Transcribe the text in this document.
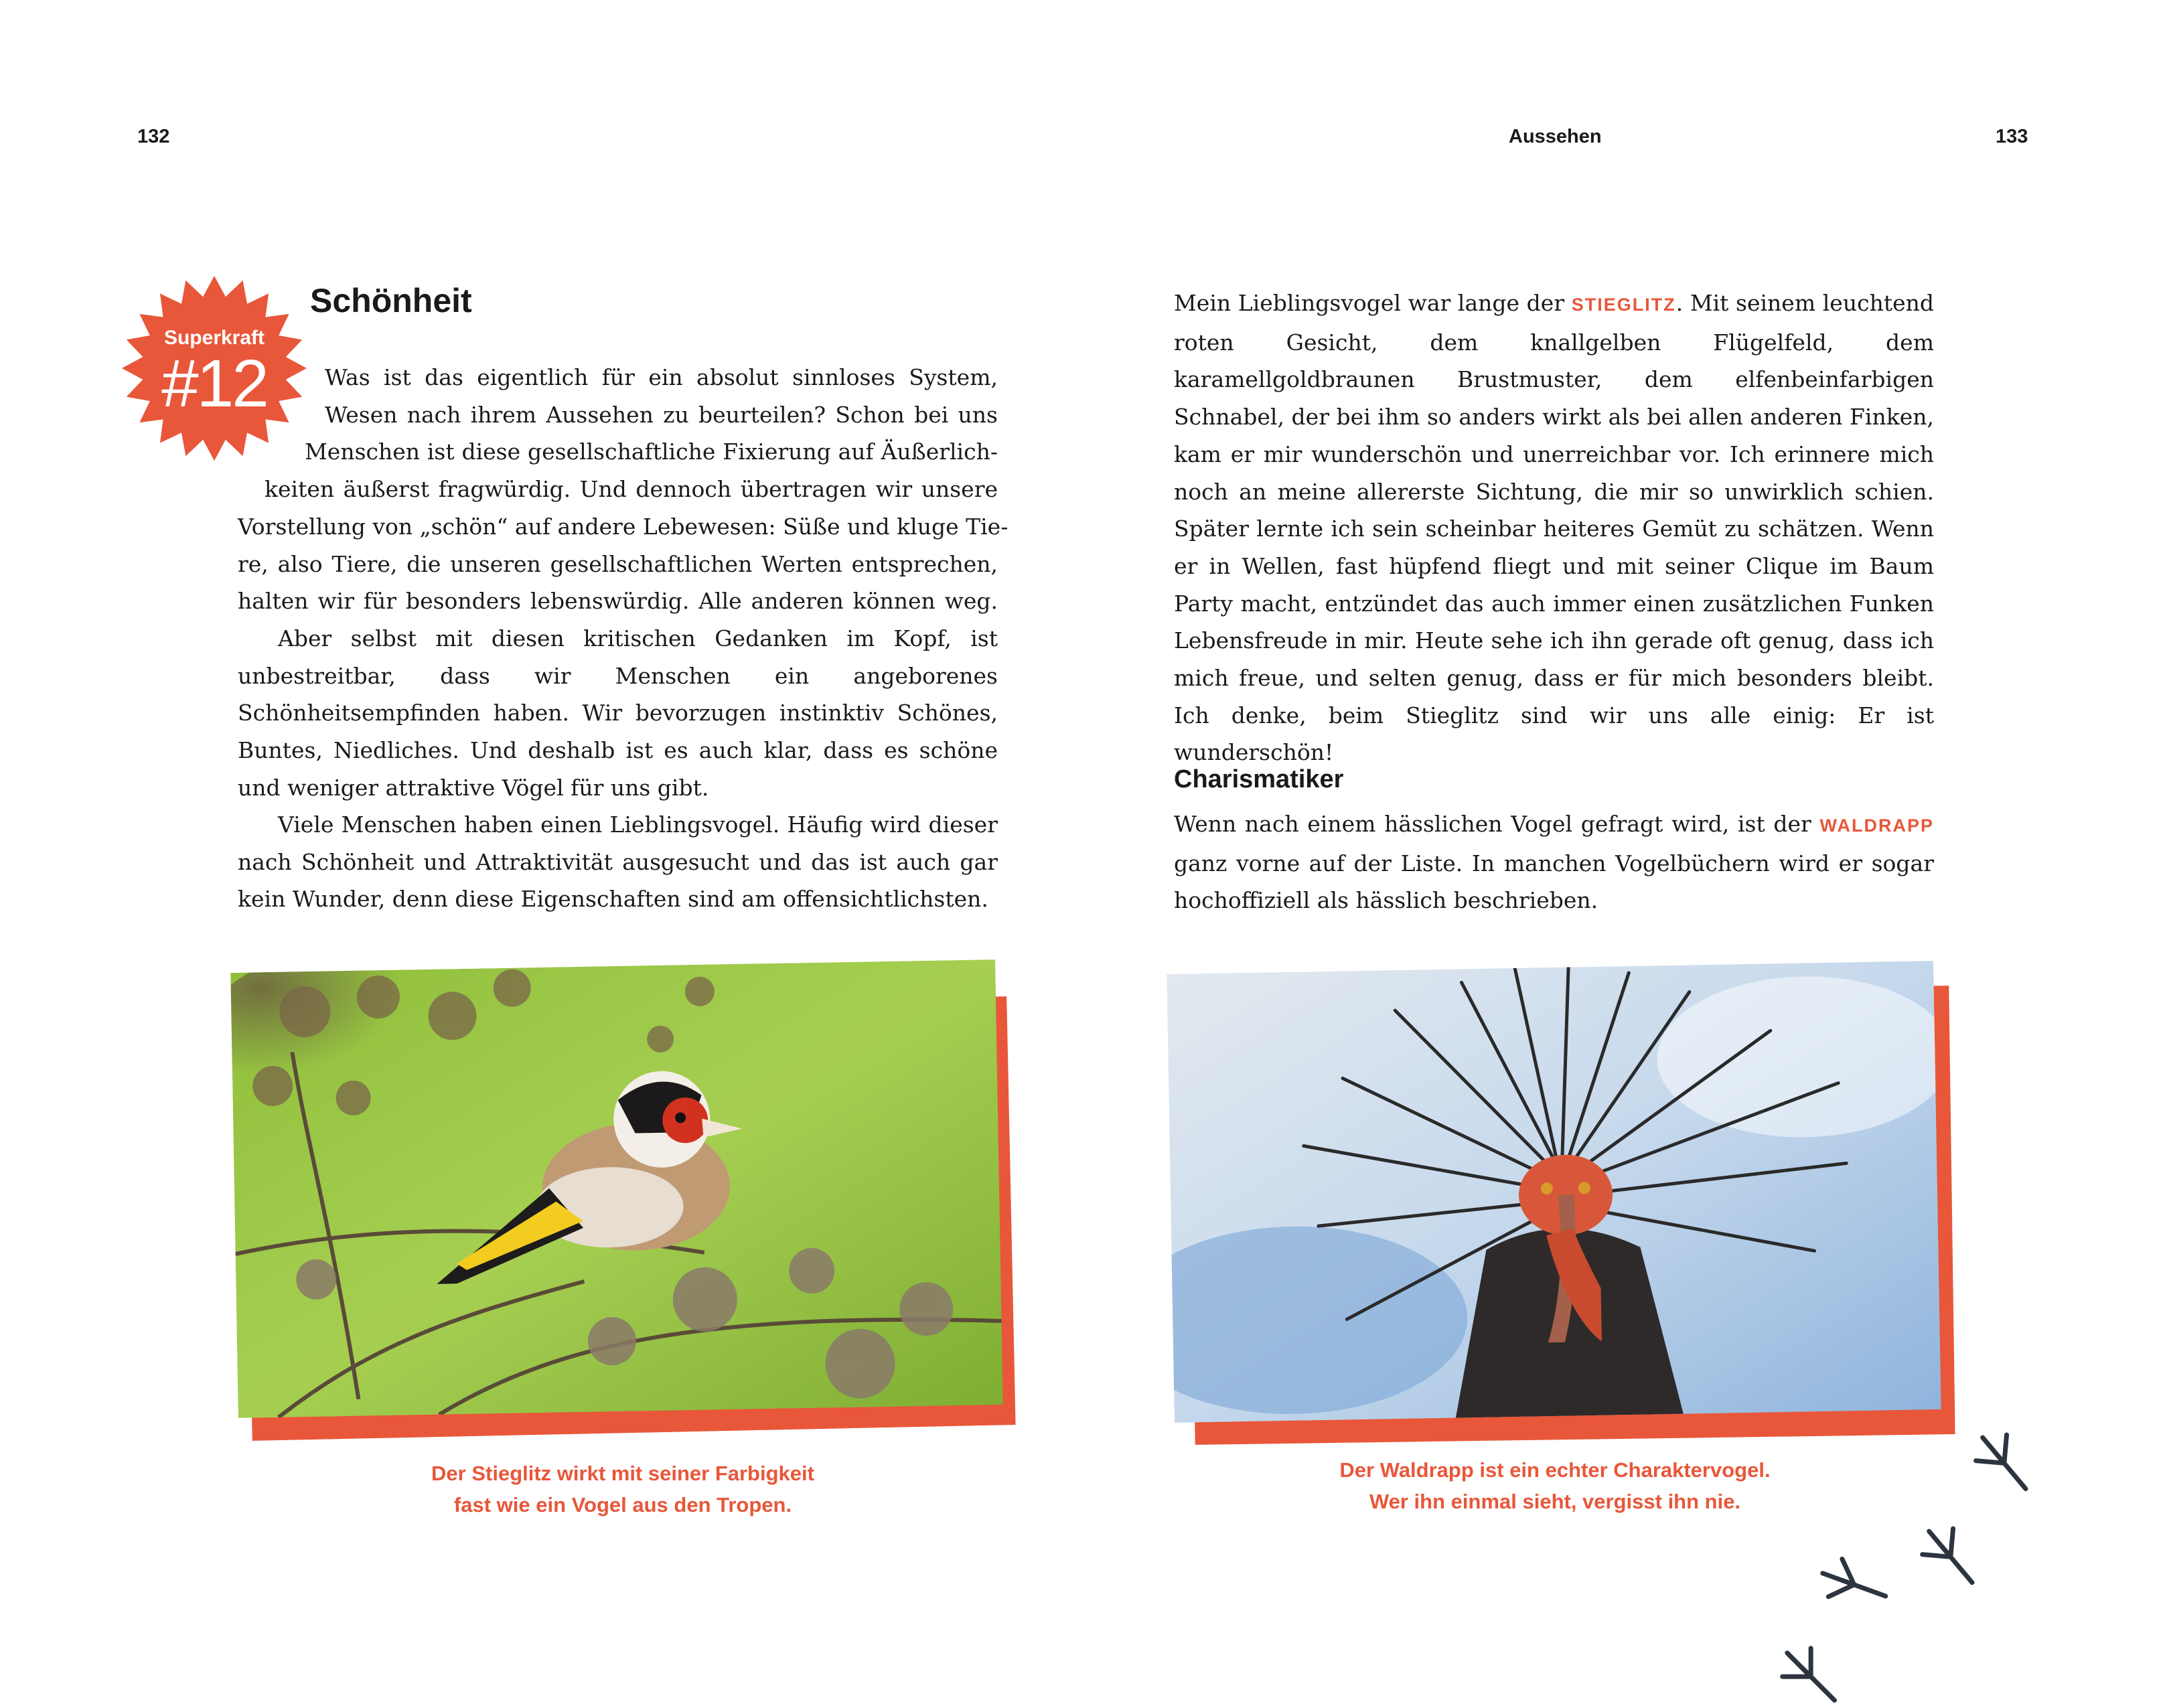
132	Aussehen	133
Superkraft
#12
Schönheit

Was ist das eigentlich für ein absolut sinnloses System,
Wesen nach ihrem Aussehen zu beurteilen? Schon bei uns
Menschen ist diese gesellschaftliche Fixierung auf Äußerlich-
keiten äußerst fragwürdig. Und dennoch übertragen wir unsere
Vorstellung von „schön“ auf andere Lebewesen: Süße und kluge Tie-
re, also Tiere, die unseren gesellschaftlichen Werten entsprechen,
halten wir für besonders lebenswürdig. Alle anderen können weg.

Aber selbst mit diesen kritischen Gedanken im Kopf, ist unbestreitbar, dass wir Menschen ein angeborenes Schönheitsempfinden haben. Wir bevorzugen instinktiv Schönes, Buntes, Niedliches. Und deshalb ist es auch klar, dass es schöne und weniger attraktive Vögel für uns gibt.

Viele Menschen haben einen Lieblingsvogel. Häufig wird dieser nach Schönheit und Attraktivität ausgesucht und das ist auch gar kein Wunder, denn diese Eigenschaften sind am offensichtlichsten.

Mein Lieblingsvogel war lange der STIEGLITZ. Mit seinem leuchtend roten Gesicht, dem knallgelben Flügelfeld, dem karamellgoldbraunen Brustmuster, dem elfenbeinfarbigen Schnabel, der bei ihm so anders wirkt als bei allen anderen Finken, kam er mir wunderschön und unerreichbar vor. Ich erinnere mich noch an meine allererste Sichtung, die mir so unwirklich schien. Später lernte ich sein scheinbar heiteres Gemüt zu schätzen. Wenn er in Wellen, fast hüpfend fliegt und mit seiner Clique im Baum Party macht, entzündet das auch immer einen zusätzlichen Funken Lebensfreude in mir. Heute sehe ich ihn gerade oft genug, dass ich mich freue, und selten genug, dass er für mich besonders bleibt. Ich denke, beim Stieglitz sind wir uns alle einig: Er ist wunderschön!

Charismatiker

Wenn nach einem hässlichen Vogel gefragt wird, ist der WALDRAPP ganz vorne auf der Liste. In manchen Vogelbüchern wird er sogar hochoffiziell als hässlich beschrieben.

Der Stieglitz wirkt mit seiner Farbigkeit
fast wie ein Vogel aus den Tropen.
Der Waldrapp ist ein echter Charaktervogel.
Wer ihn einmal sieht, vergisst ihn nie.
